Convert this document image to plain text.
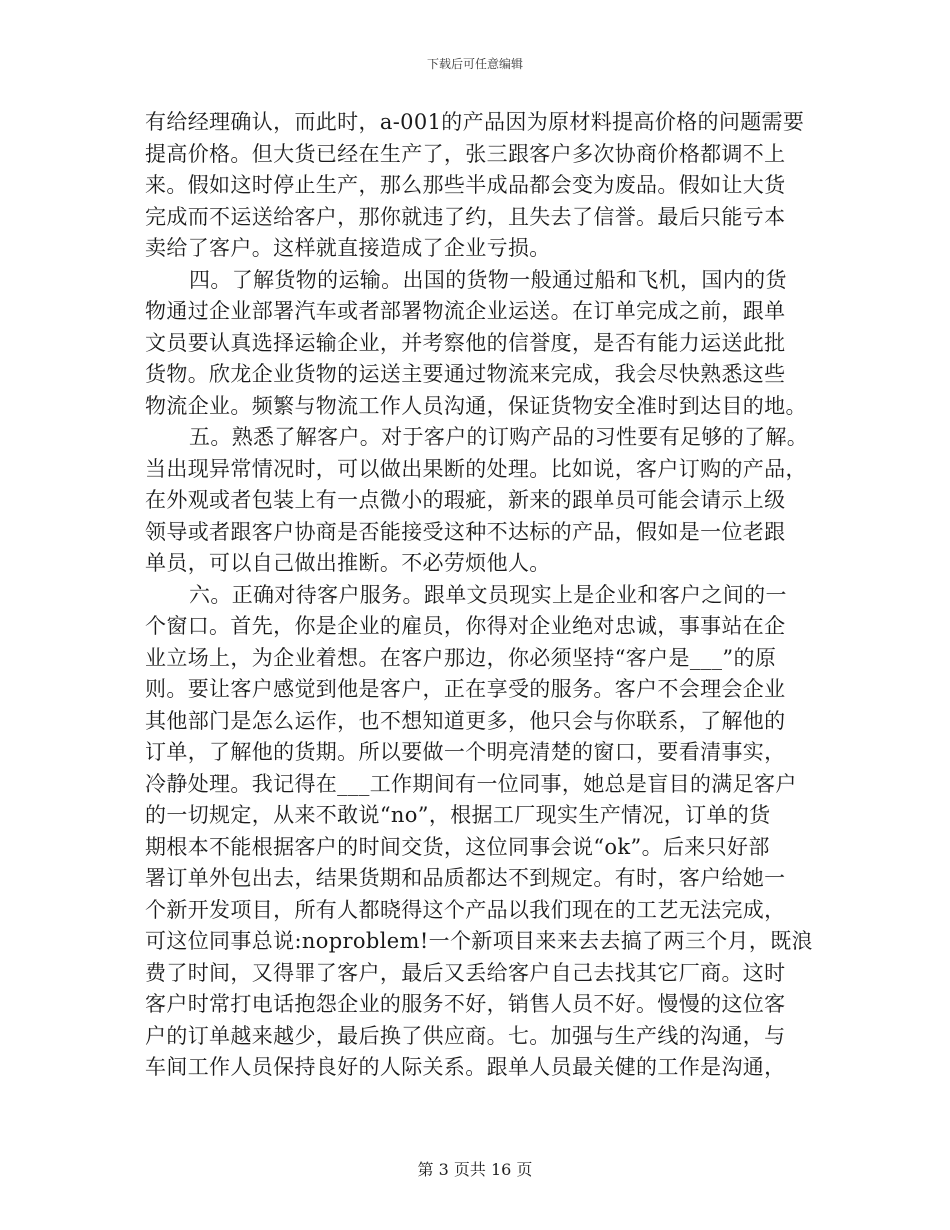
下载后可任意编辑
有给经理确认，而此时，a-001的产品因为原材料提高价格的问题需要
提高价格。但大货已经在生产了，张三跟客户多次协商价格都调不上
来。假如这时停止生产，那么那些半成品都会变为废品。假如让大货
完成而不运送给客户，那你就违了约，且失去了信誉。最后只能亏本
卖给了客户。这样就直接造成了企业亏损。
四。了解货物的运输。出国的货物一般通过船和飞机，国内的货
物通过企业部署汽车或者部署物流企业运送。在订单完成之前，跟单
文员要认真选择运输企业，并考察他的信誉度，是否有能力运送此批
货物。欣龙企业货物的运送主要通过物流来完成，我会尽快熟悉这些
物流企业。频繁与物流工作人员沟通，保证货物安全准时到达目的地。
五。熟悉了解客户。对于客户的订购产品的习性要有足够的了解。
当出现异常情况时，可以做出果断的处理。比如说，客户订购的产品，
在外观或者包装上有一点微小的瑕疵，新来的跟单员可能会请示上级
领导或者跟客户协商是否能接受这种不达标的产品，假如是一位老跟
单员，可以自己做出推断。不必劳烦他人。
六。正确对待客户服务。跟单文员现实上是企业和客户之间的一
个窗口。首先，你是企业的雇员，你得对企业绝对忠诚，事事站在企
业立场上，为企业着想。在客户那边，你必须坚持“客户是___”的原
则。要让客户感觉到他是客户，正在享受的服务。客户不会理会企业
其他部门是怎么运作，也不想知道更多，他只会与你联系，了解他的
订单，了解他的货期。所以要做一个明亮清楚的窗口，要看清事实，
冷静处理。我记得在___工作期间有一位同事，她总是盲目的满足客户
的一切规定，从来不敢说“no”，根据工厂现实生产情况，订单的货
期根本不能根据客户的时间交货，这位同事会说“ok”。后来只好部
署订单外包出去，结果货期和品质都达不到规定。有时，客户给她一
个新开发项目，所有人都晓得这个产品以我们现在的工艺无法完成，
可这位同事总说:noproblem!一个新项目来来去去搞了两三个月，既浪
费了时间，又得罪了客户，最后又丢给客户自己去找其它厂商。这时
客户时常打电话抱怨企业的服务不好，销售人员不好。慢慢的这位客
户的订单越来越少，最后换了供应商。七。加强与生产线的沟通，与
车间工作人员保持良好的人际关系。跟单人员最关健的工作是沟通，
第 3 页共 16 页
